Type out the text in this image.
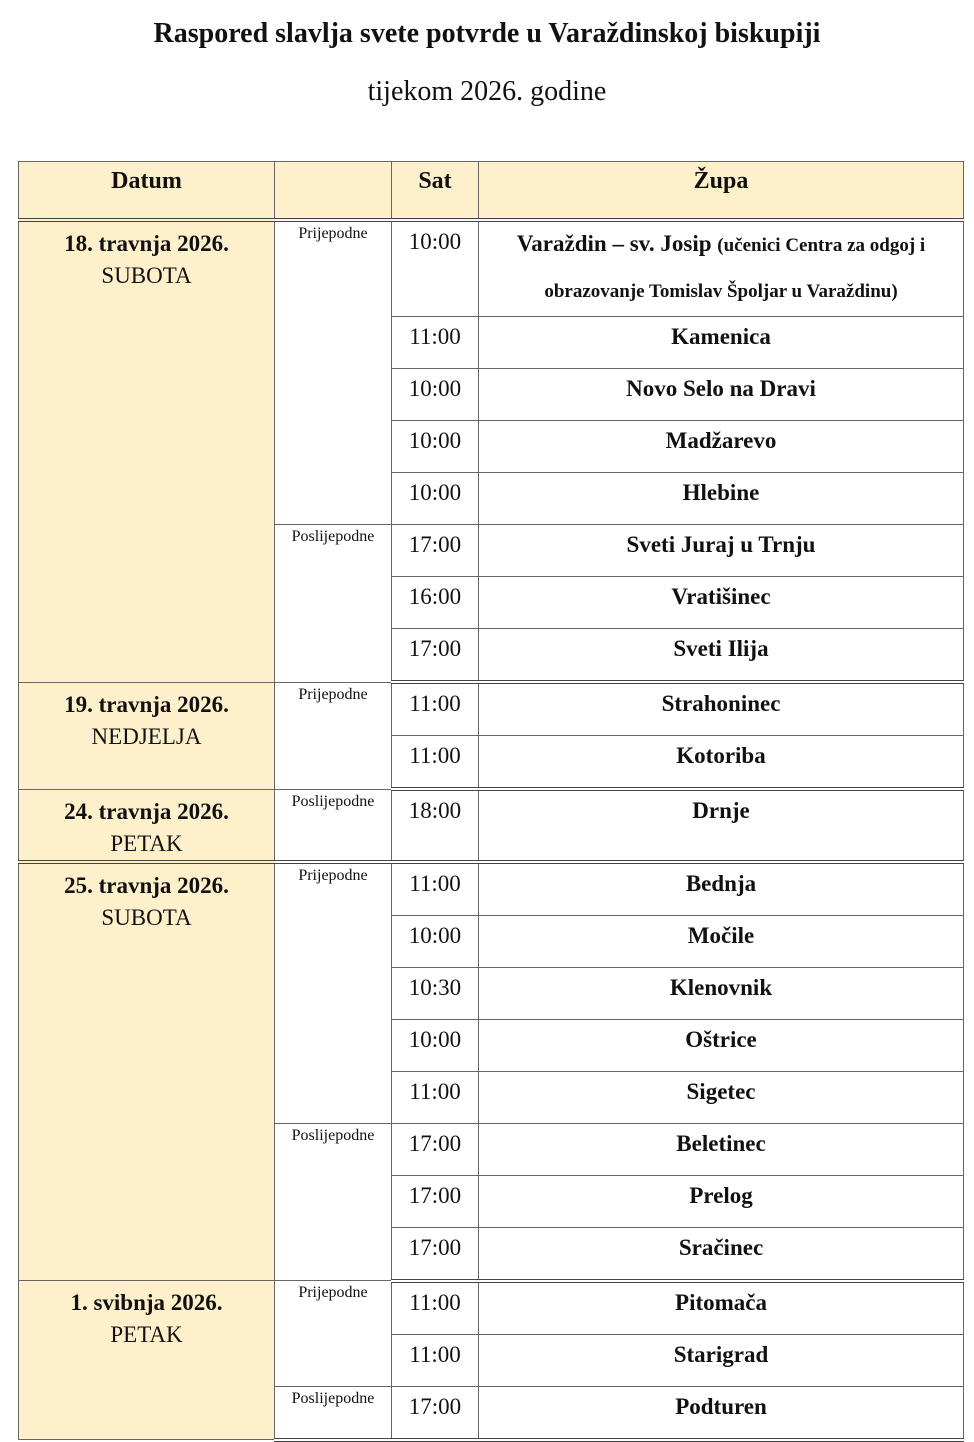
Raspored slavlja svete potvrde u Varaždinskoj biskupiji
tijekom 2026. godine
Datum		Sat	Župa
18. travnja 2026.
SUBOTA	Prijepodne	10:00	Varaždin – sv. Josip (učenici Centra za odgoj i obrazovanje Tomislav Špoljar u Varaždinu)
		11:00	Kamenica
		10:00	Novo Selo na Dravi
		10:00	Madžarevo
		10:00	Hlebine
	Poslijepodne	17:00	Sveti Juraj u Trnju
		16:00	Vratišinec
		17:00	Sveti Ilija
19. travnja 2026.
NEDJELJA	Prijepodne	11:00	Strahoninec
		11:00	Kotoriba
24. travnja 2026.
PETAK	Poslijepodne	18:00	Drnje
25. travnja 2026.
SUBOTA	Prijepodne	11:00	Bednja
		10:00	Močile
		10:30	Klenovnik
		10:00	Oštrice
		11:00	Sigetec
	Poslijepodne	17:00	Beletinec
		17:00	Prelog
		17:00	Sračinec
1. svibnja 2026.
PETAK	Prijepodne	11:00	Pitomača
		11:00	Starigrad
	Poslijepodne	17:00	Podturen
